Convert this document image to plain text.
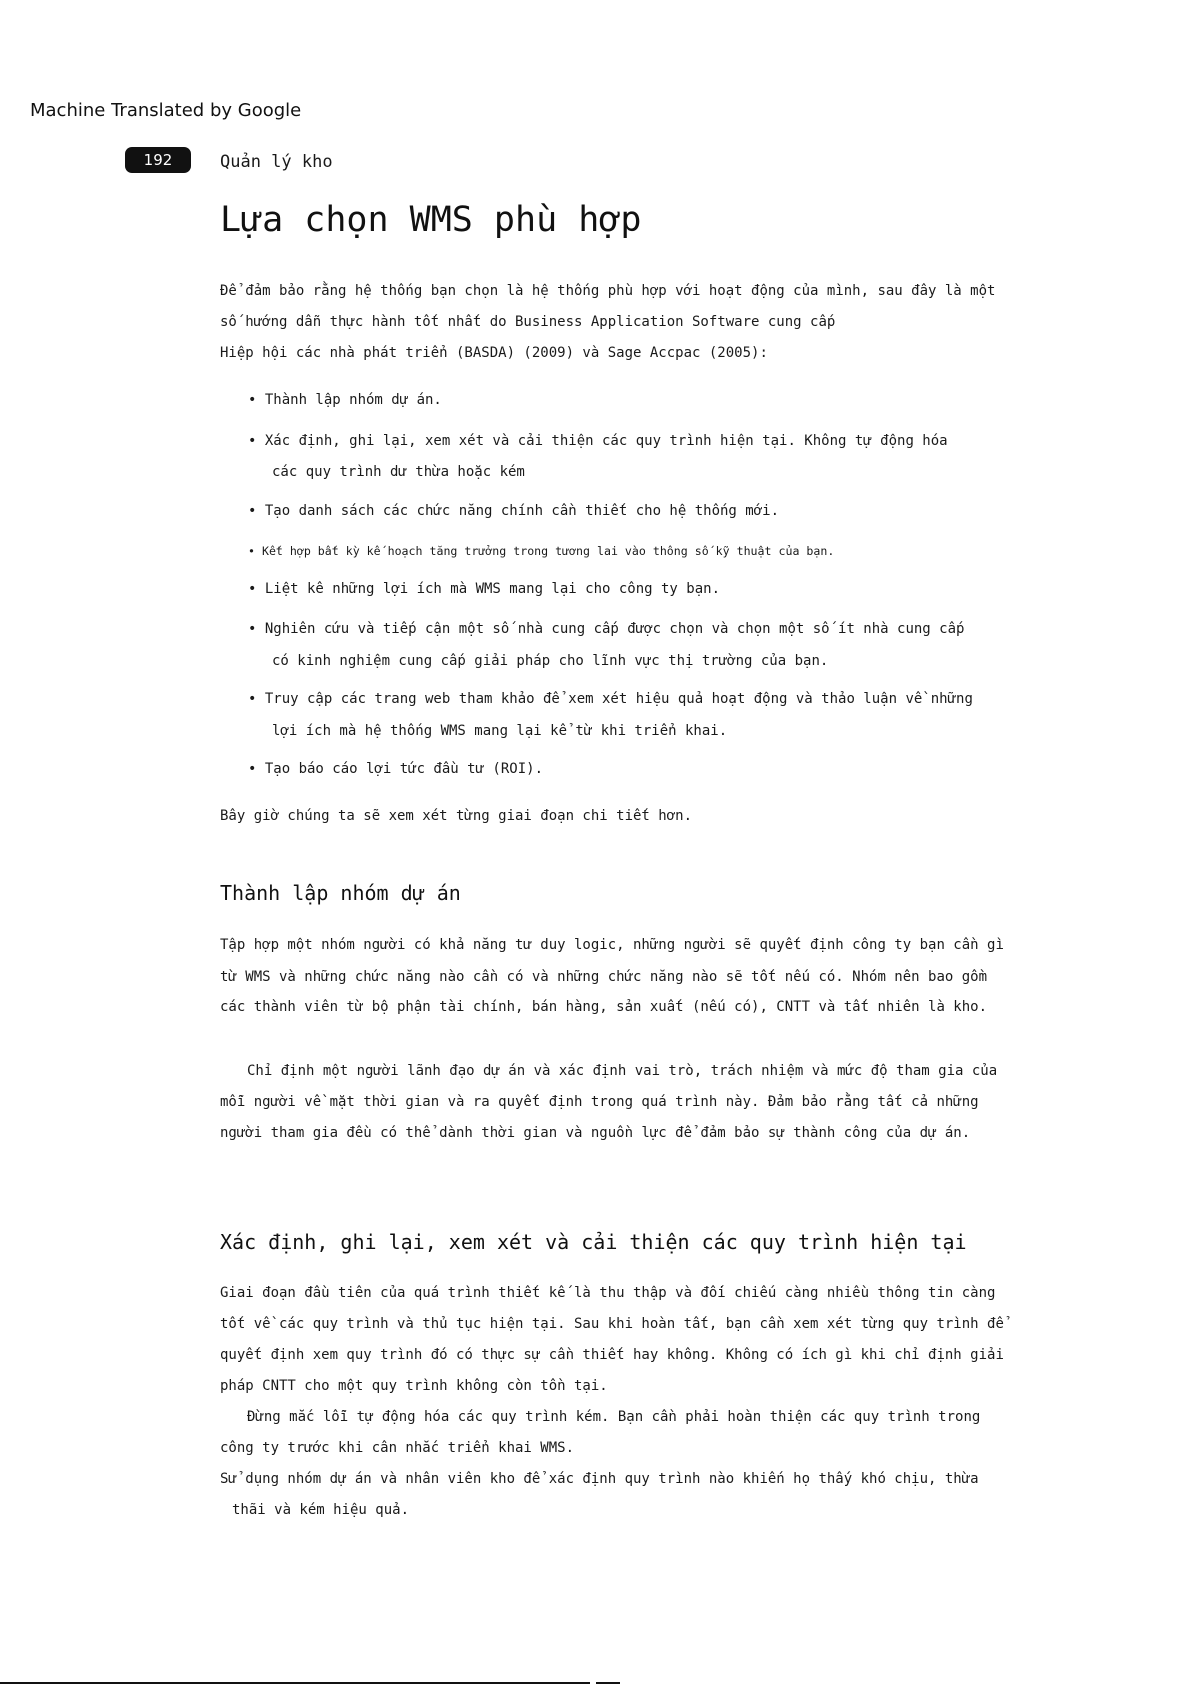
Machine Translated by Google
192	Quản lý kho
Lựa chọn WMS phù hợp

Để đảm bảo rằng hệ thống bạn chọn là hệ thống phù hợp với hoạt động của mình, sau đây là một

số hướng dẫn thực hành tốt nhất do Business Application Software cung cấp

Hiệp hội các nhà phát triển (BASDA) (2009) và Sage Accpac (2005):

• Thành lập nhóm dự án.

• Xác định, ghi lại, xem xét và cải thiện các quy trình hiện tại. Không tự động hóa

các quy trình dư thừa hoặc kém

• Tạo danh sách các chức năng chính cần thiết cho hệ thống mới.

• Kết hợp bất kỳ kế hoạch tăng trưởng trong tương lai vào thông số kỹ thuật của bạn.

• Liệt kê những lợi ích mà WMS mang lại cho công ty bạn.

• Nghiên cứu và tiếp cận một số nhà cung cấp được chọn và chọn một số ít nhà cung cấp

có kinh nghiệm cung cấp giải pháp cho lĩnh vực thị trường của bạn.

• Truy cập các trang web tham khảo để xem xét hiệu quả hoạt động và thảo luận về những

lợi ích mà hệ thống WMS mang lại kể từ khi triển khai.

• Tạo báo cáo lợi tức đầu tư (ROI).

Bây giờ chúng ta sẽ xem xét từng giai đoạn chi tiết hơn.

Thành lập nhóm dự án

Tập hợp một nhóm người có khả năng tư duy logic, những người sẽ quyết định công ty bạn cần gì

từ WMS và những chức năng nào cần có và những chức năng nào sẽ tốt nếu có. Nhóm nên bao gồm

các thành viên từ bộ phận tài chính, bán hàng, sản xuất (nếu có), CNTT và tất nhiên là kho.

Chỉ định một người lãnh đạo dự án và xác định vai trò, trách nhiệm và mức độ tham gia của

mỗi người về mặt thời gian và ra quyết định trong quá trình này. Đảm bảo rằng tất cả những

người tham gia đều có thể dành thời gian và nguồn lực để đảm bảo sự thành công của dự án.

Xác định, ghi lại, xem xét và cải thiện các quy trình hiện tại

Giai đoạn đầu tiên của quá trình thiết kế là thu thập và đối chiếu càng nhiều thông tin càng

tốt về các quy trình và thủ tục hiện tại. Sau khi hoàn tất, bạn cần xem xét từng quy trình để

quyết định xem quy trình đó có thực sự cần thiết hay không. Không có ích gì khi chỉ định giải

pháp CNTT cho một quy trình không còn tồn tại.

Đừng mắc lỗi tự động hóa các quy trình kém. Bạn cần phải hoàn thiện các quy trình trong

công ty trước khi cân nhắc triển khai WMS.

Sử dụng nhóm dự án và nhân viên kho để xác định quy trình nào khiến họ thấy khó chịu, thừa

thãi và kém hiệu quả.
